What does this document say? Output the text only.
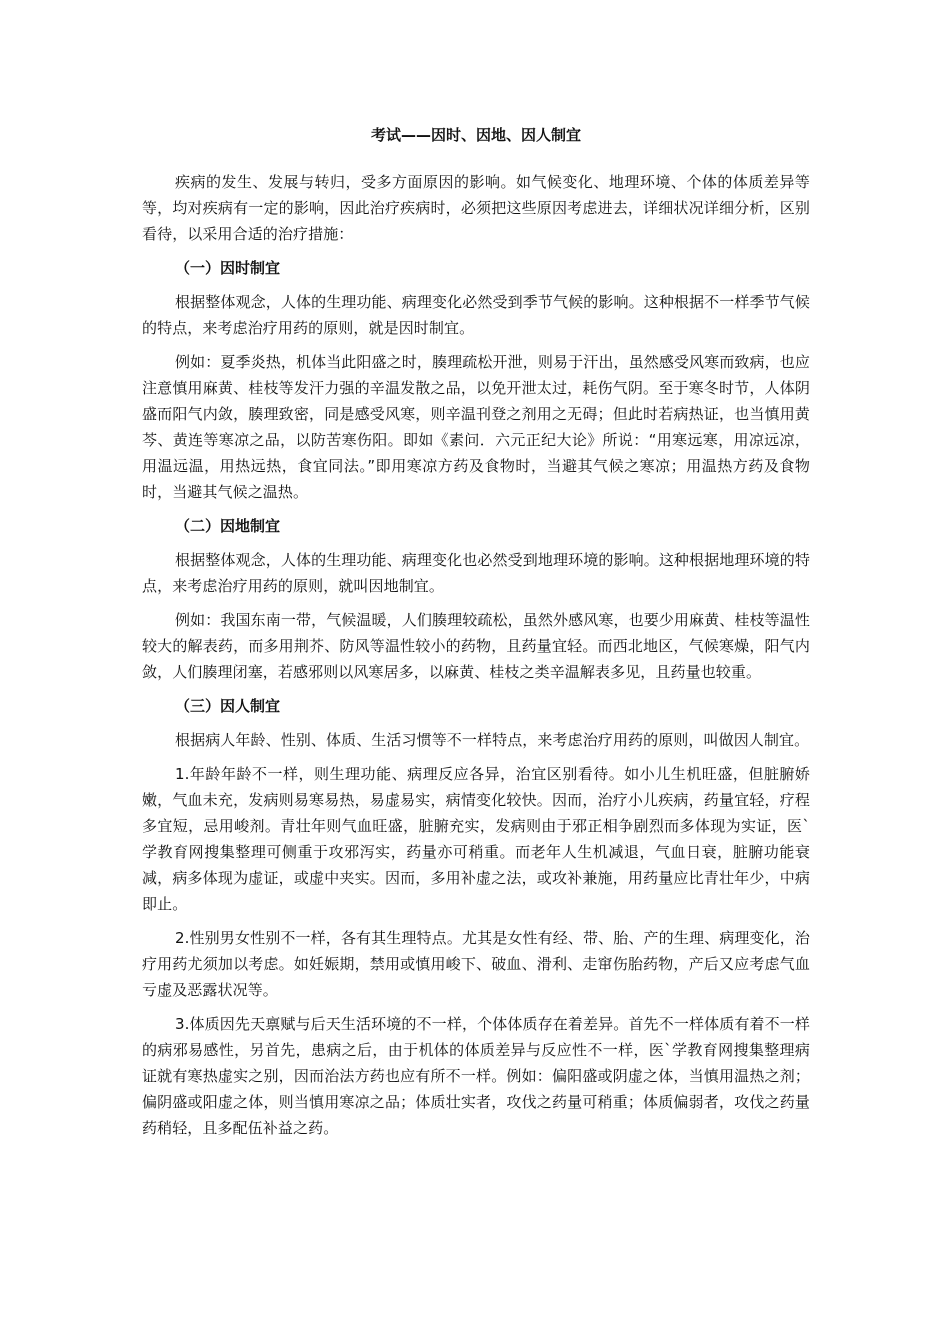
考试——因时、因地、因人制宜
疾病的发生、发展与转归，受多方面原因的影响。如气候变化、地理环境、个体的体质差异等等，均对疾病有一定的影响，因此治疗疾病时，必须把这些原因考虑进去，详细状况详细分析，区别看待，以采用合适的治疗措施：
（一）因时制宜
根据整体观念，人体的生理功能、病理变化必然受到季节气候的影响。这种根据不一样季节气候的特点，来考虑治疗用药的原则，就是因时制宜。
例如：夏季炎热，机体当此阳盛之时，腠理疏松开泄，则易于汗出，虽然感受风寒而致病，也应注意慎用麻黄、桂枝等发汗力强的辛温发散之品，以免开泄太过，耗伤气阴。至于寒冬时节，人体阴盛而阳气内敛，腠理致密，同是感受风寒，则辛温刊登之剂用之无碍；但此时若病热证，也当慎用黄芩、黄连等寒凉之品，以防苦寒伤阳。即如《素问．六元正纪大论》所说：“用寒远寒，用凉远凉，用温远温，用热远热，食宜同法。”即用寒凉方药及食物时，当避其气候之寒凉；用温热方药及食物时，当避其气候之温热。
（二）因地制宜
根据整体观念，人体的生理功能、病理变化也必然受到地理环境的影响。这种根据地理环境的特点，来考虑治疗用药的原则，就叫因地制宜。
例如：我国东南一带，气候温暖，人们腠理较疏松，虽然外感风寒，也要少用麻黄、桂枝等温性较大的解表药，而多用荆芥、防风等温性较小的药物，且药量宜轻。而西北地区，气候寒燥，阳气内敛，人们腠理闭塞，若感邪则以风寒居多，以麻黄、桂枝之类辛温解表多见，且药量也较重。
（三）因人制宜
根据病人年龄、性别、体质、生活习惯等不一样特点，来考虑治疗用药的原则，叫做因人制宜。
1.年龄年龄不一样，则生理功能、病理反应各异，治宜区别看待。如小儿生机旺盛，但脏腑娇嫩，气血未充，发病则易寒易热，易虚易实，病情变化较快。因而，治疗小儿疾病，药量宜轻，疗程多宜短，忌用峻剂。青壮年则气血旺盛，脏腑充实，发病则由于邪正相争剧烈而多体现为实证，医`学教育网搜集整理可侧重于攻邪泻实，药量亦可稍重。而老年人生机减退，气血日衰，脏腑功能衰减，病多体现为虚证，或虚中夹实。因而，多用补虚之法，或攻补兼施，用药量应比青壮年少，中病即止。
2.性别男女性别不一样，各有其生理特点。尤其是女性有经、带、胎、产的生理、病理变化，治疗用药尤须加以考虑。如妊娠期，禁用或慎用峻下、破血、滑利、走窜伤胎药物，产后又应考虑气血亏虚及恶露状况等。
3.体质因先天禀赋与后天生活环境的不一样，个体体质存在着差异。首先不一样体质有着不一样的病邪易感性，另首先，患病之后，由于机体的体质差异与反应性不一样，医`学教育网搜集整理病证就有寒热虚实之别，因而治法方药也应有所不一样。例如：偏阳盛或阴虚之体，当慎用温热之剂；偏阴盛或阳虚之体，则当慎用寒凉之品；体质壮实者，攻伐之药量可稍重；体质偏弱者，攻伐之药量药稍轻，且多配伍补益之药。
